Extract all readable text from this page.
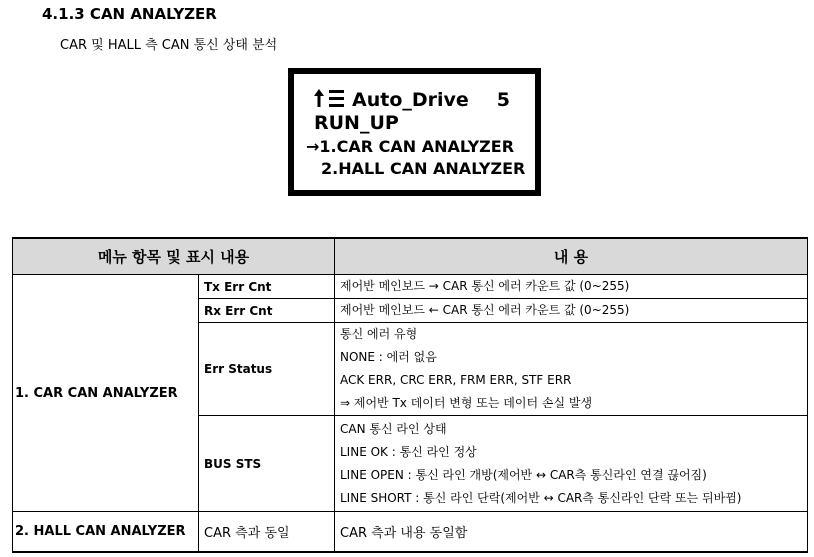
4.1.3 CAN ANALYZER
CAR 및 HALL 측 CAN 통신 상태 분석
Auto_Drive 5
RUN_UP
→1.CAR CAN ANALYZER
2.HALL CAN ANALYZER
메뉴 항목 및 표시 내용		내 용
1. CAR CAN ANALYZER	Tx Err Cnt	제어반 메인보드 → CAR 통신 에러 카운트 값 (0~255)

	Rx Err Cnt	제어반 메인보드 ← CAR 통신 에러 카운트 값 (0~255)

	Err Status	통신 에러 유형
NONE : 에러 없음
ACK ERR, CRC ERR, FRM ERR, STF ERR
⇒ 제어반 Tx 데이터 변형 또는 데이터 손실 발생

	BUS STS	CAN 통신 라인 상태
LINE OK : 통신 라인 정상
LINE OPEN : 통신 라인 개방(제어반 ↔ CAR측 통신라인 연결 끊어짐)
LINE SHORT : 통신 라인 단락(제어반 ↔ CAR측 통신라인 단락 또는 뒤바뀜)

2. HALL CAN ANALYZER	CAR 측과 동일	CAR 측과 내용 동일함
